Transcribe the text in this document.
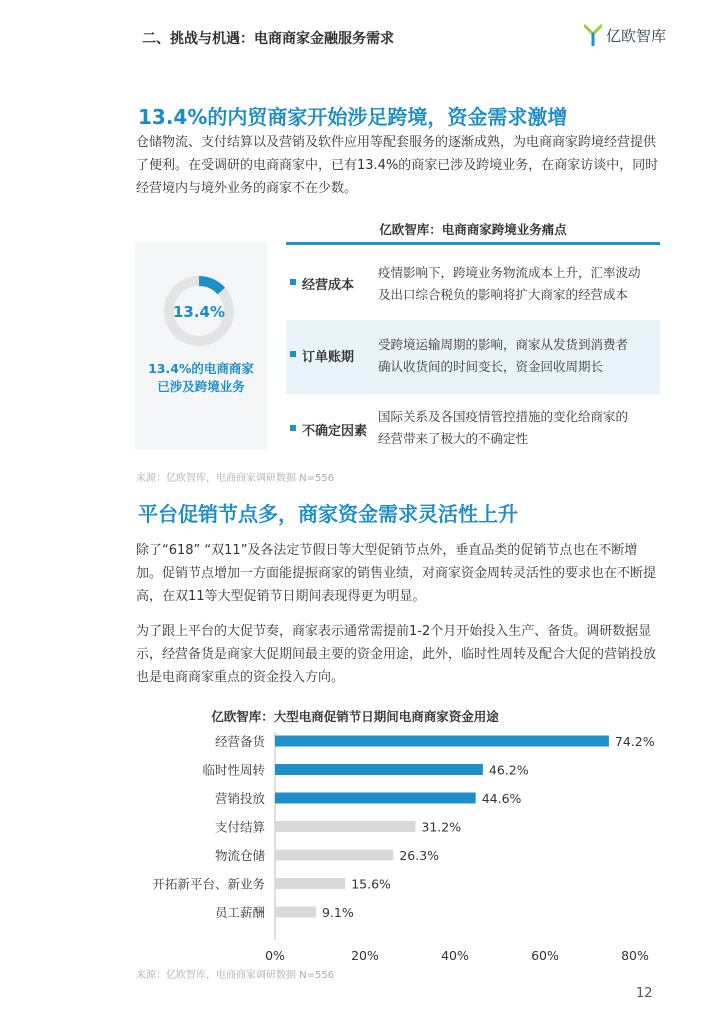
二、挑战与机遇：电商商家金融服务需求	亿欧智库
13.4%的内贸商家开始涉足跨境，资金需求激增
仓储物流、支付结算以及营销及软件应用等配套服务的逐渐成熟，为电商商家跨境经营提供
了便利。在受调研的电商商家中，已有13.4%的商家已涉及跨境业务，在商家访谈中，同时
经营境内与境外业务的商家不在少数。
亿欧智库：电商商家跨境业务痛点
13.4%
13.4%的电商商家
已涉及跨境业务
经营成本
疫情影响下，跨境业务物流成本上升，汇率波动
及出口综合税负的影响将扩大商家的经营成本
订单账期
受跨境运输周期的影响，商家从发货到消费者
确认收货间的时间变长，资金回收周期长
不确定因素
国际关系及各国疫情管控措施的变化给商家的
经营带来了极大的不确定性
来源：亿欧智库，电商商家调研数据 N=556
平台促销节点多，商家资金需求灵活性上升
除了“618” “双11”及各法定节假日等大型促销节点外，垂直品类的促销节点也在不断增
加。促销节点增加一方面能提振商家的销售业绩，对商家资金周转灵活性的要求也在不断提
高，在双11等大型促销节日期间表现得更为明显。
为了跟上平台的大促节奏，商家表示通常需提前1-2个月开始投入生产、备货。调研数据显
示，经营备货是商家大促期间最主要的资金用途，此外，临时性周转及配合大促的营销投放
也是电商商家重点的资金投入方向。
亿欧智库：大型电商促销节日期间电商商家资金用途
经营备货	74.2%
临时性周转	46.2%
营销投放	44.6%
支付结算	31.2%
物流仓储	26.3%
开拓新平台、新业务	15.6%
员工薪酬	9.1%
0%	20%	40%	60%	80%
来源：亿欧智库，电商商家调研数据 N=556
12
